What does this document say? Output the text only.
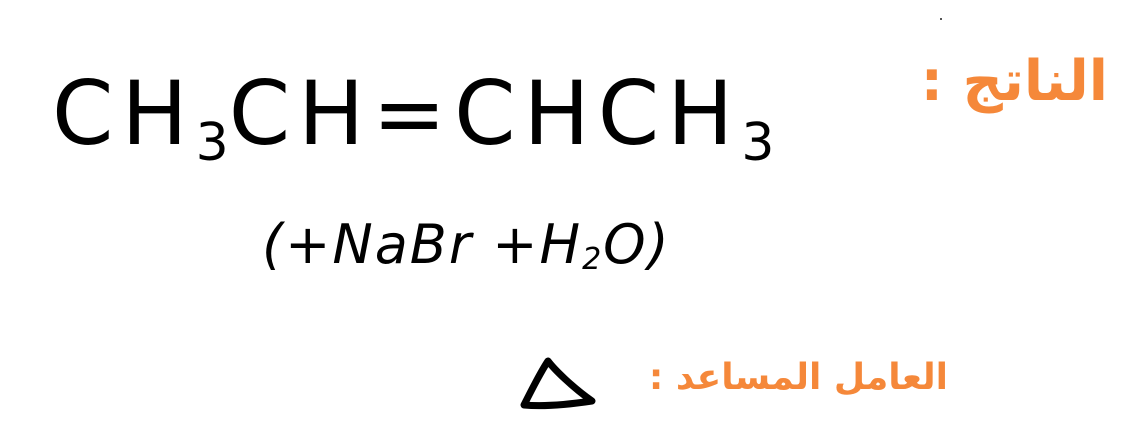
الناتج :
$CH_3CH=CHCH_3$
(+NaBr $+H_2O$)
العامل المساعد :
